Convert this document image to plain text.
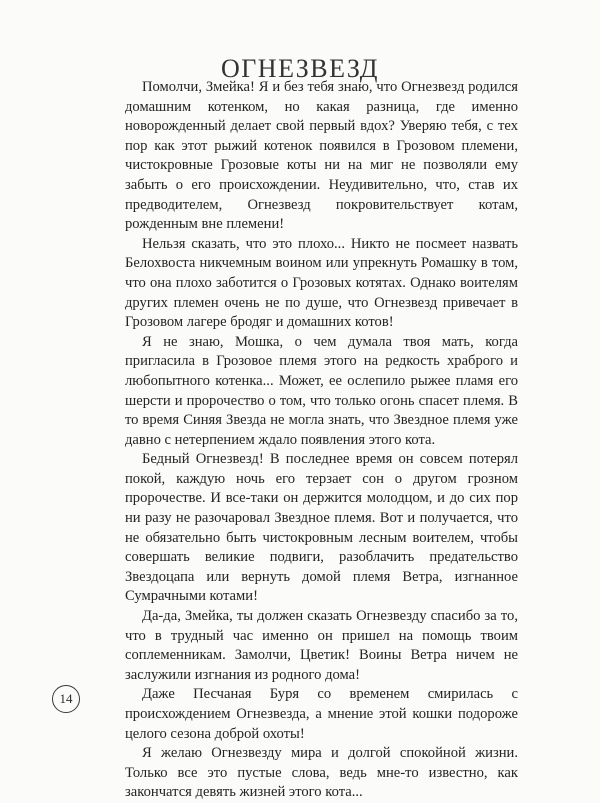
ОГНЕЗВЕЗД

Помолчи, Змейка! Я и без тебя знаю, что Огнезвезд родился домашним котенком, но какая разница, где именно новорожденный делает свой первый вдох? Уверяю тебя, с тех пор как этот рыжий котенок появился в Грозовом племени, чистокровные Грозовые коты ни на миг не позволяли ему забыть о его происхождении. Неудивительно, что, став их предводителем, Огнезвезд покровительствует котам, рожденным вне племени!

Нельзя сказать, что это плохо... Никто не посмеет назвать Белохвоста никчемным воином или упрекнуть Ромашку в том, что она плохо заботится о Грозовых котятах. Однако воителям других племен очень не по душе, что Огнезвезд привечает в Грозовом лагере бродяг и домашних котов!

Я не знаю, Мошка, о чем думала твоя мать, когда пригласила в Грозовое племя этого на редкость храброго и любопытного котенка... Может, ее ослепило рыжее пламя его шерсти и пророчество о том, что только огонь спасет племя. В то время Синяя Звезда не могла знать, что Звездное племя уже давно с нетерпением ждало появления этого кота.

Бедный Огнезвезд! В последнее время он совсем потерял покой, каждую ночь его терзает сон о другом грозном пророчестве. И все-таки он держится молодцом, и до сих пор ни разу не разочаровал Звездное племя. Вот и получается, что не обязательно быть чистокровным лесным воителем, чтобы совершать великие подвиги, разоблачить предательство Звездоцапа или вернуть домой племя Ветра, изгнанное Сумрачными котами!

Да-да, Змейка, ты должен сказать Огнезвезду спасибо за то, что в трудный час именно он пришел на помощь твоим соплеменникам. Замолчи, Цветик! Воины Ветра ничем не заслужили изгнания из родного дома!

Даже Песчаная Буря со временем смирилась с происхождением Огнезвезда, а мнение этой кошки подороже целого сезона доброй охоты!

Я желаю Огнезвезду мира и долгой спокойной жизни. Только все это пустые слова, ведь мне-то известно, как закончатся девять жизней этого кота...

14
